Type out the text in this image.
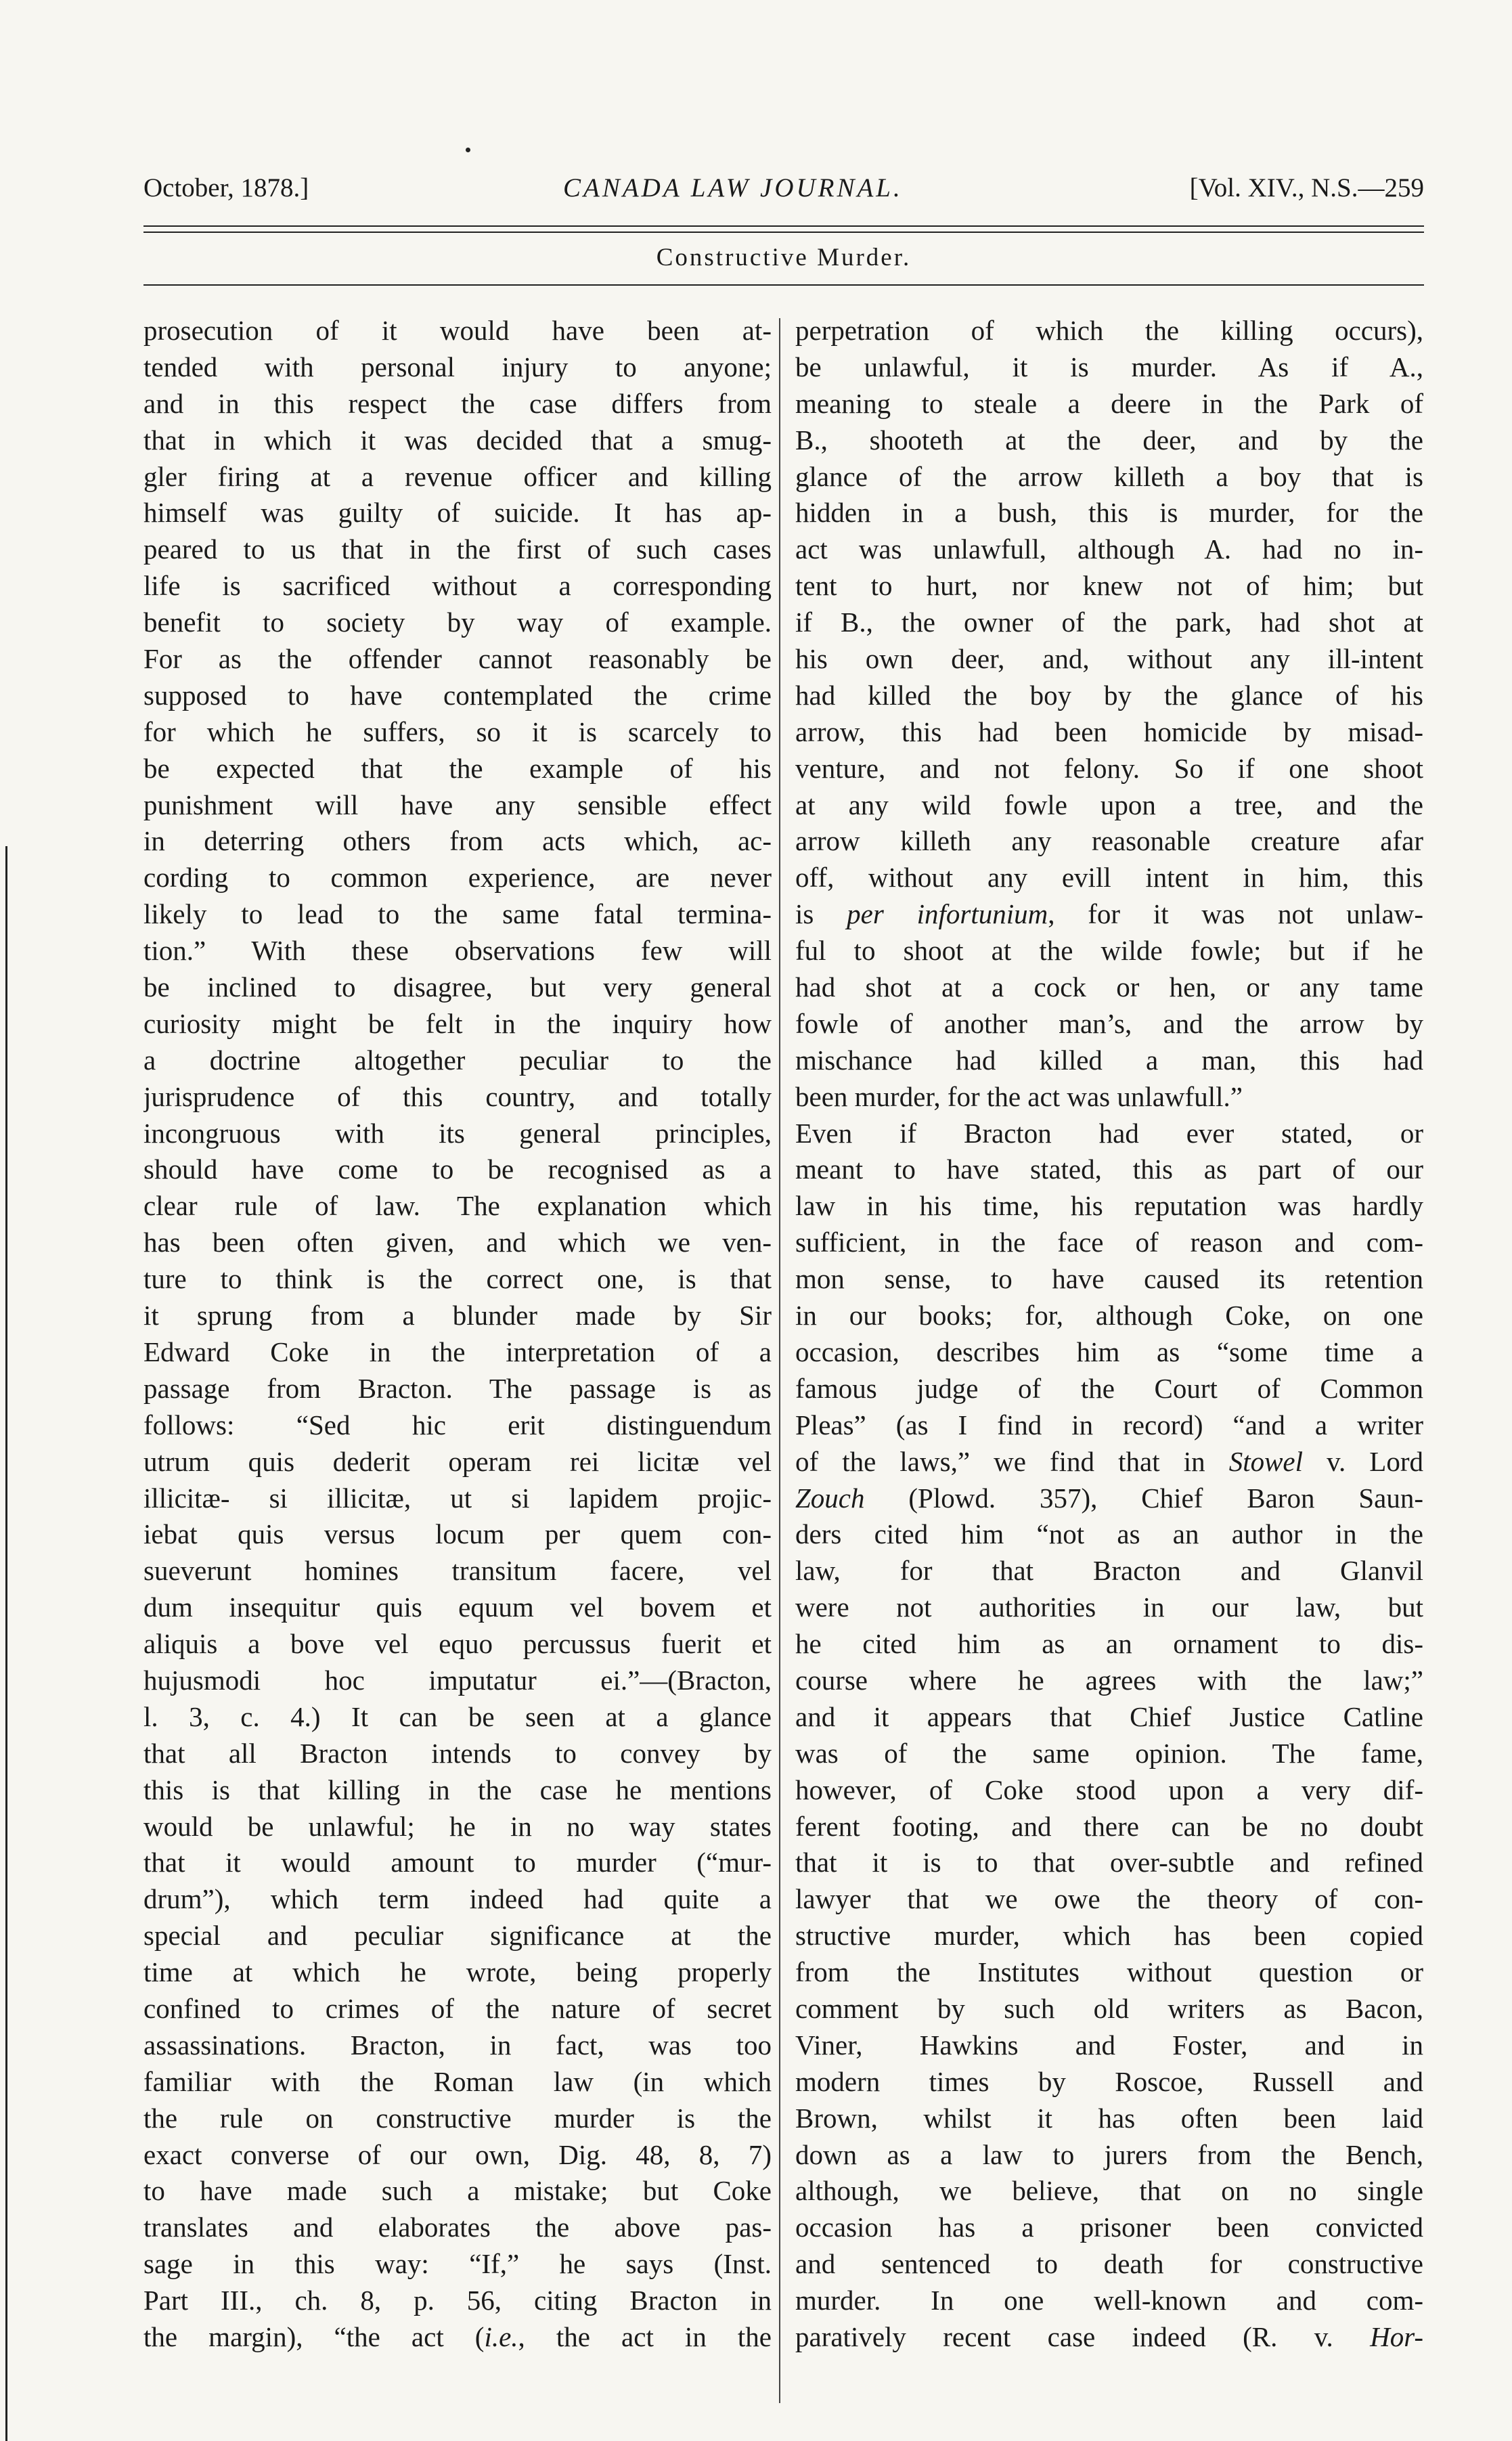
October, 1878.]	CANADA LAW JOURNAL.	[Vol. XIV., N.S.—259
Constructive Murder.
prosecution of it would have been at-
tended with personal injury to anyone;
and in this respect the case differs from
that in which it was decided that a smug-
gler firing at a revenue officer and killing
himself was guilty of suicide. It has ap-
peared to us that in the first of such cases
life is sacrificed without a corresponding
benefit to society by way of example.
For as the offender cannot reasonably be
supposed to have contemplated the crime
for which he suffers, so it is scarcely to
be expected that the example of his
punishment will have any sensible effect
in deterring others from acts which, ac-
cording to common experience, are never
likely to lead to the same fatal termina-
tion.” With these observations few will
be inclined to disagree, but very general
curiosity might be felt in the inquiry how
a doctrine altogether peculiar to the
jurisprudence of this country, and totally
incongruous with its general principles,
should have come to be recognised as a
clear rule of law. The explanation which
has been often given, and which we ven-
ture to think is the correct one, is that
it sprung from a blunder made by Sir
Edward Coke in the interpretation of a
passage from Bracton. The passage is as
follows: “Sed hic erit distinguendum
utrum quis dederit operam rei licitæ vel
illicitæ- si illicitæ, ut si lapidem projic-
iebat quis versus locum per quem con-
sueverunt homines transitum facere, vel
dum insequitur quis equum vel bovem et
aliquis a bove vel equo percussus fuerit et
hujusmodi hoc imputatur ei.”—(Bracton,
l. 3, c. 4.) It can be seen at a glance
that all Bracton intends to convey by
this is that killing in the case he mentions
would be unlawful; he in no way states
that it would amount to murder (“mur-
drum”), which term indeed had quite a
special and peculiar significance at the
time at which he wrote, being properly
confined to crimes of the nature of secret
assassinations. Bracton, in fact, was too
familiar with the Roman law (in which
the rule on constructive murder is the
exact converse of our own, Dig. 48, 8, 7)
to have made such a mistake; but Coke
translates and elaborates the above pas-
sage in this way: “If,” he says (Inst.
Part III., ch. 8, p. 56, citing Bracton in
the margin), “the act (i.e., the act in the
perpetration of which the killing occurs),
be unlawful, it is murder. As if A.,
meaning to steale a deere in the Park of
B., shooteth at the deer, and by the
glance of the arrow killeth a boy that is
hidden in a bush, this is murder, for the
act was unlawfull, although A. had no in-
tent to hurt, nor knew not of him; but
if B., the owner of the park, had shot at
his own deer, and, without any ill-intent
had killed the boy by the glance of his
arrow, this had been homicide by misad-
venture, and not felony. So if one shoot
at any wild fowle upon a tree, and the
arrow killeth any reasonable creature afar
off, without any evill intent in him, this
is per infortunium, for it was not unlaw-
ful to shoot at the wilde fowle; but if he
had shot at a cock or hen, or any tame
fowle of another man’s, and the arrow by
mischance had killed a man, this had
been murder, for the act was unlawfull.”
Even if Bracton had ever stated, or
meant to have stated, this as part of our
law in his time, his reputation was hardly
sufficient, in the face of reason and com-
mon sense, to have caused its retention
in our books; for, although Coke, on one
occasion, describes him as “some time a
famous judge of the Court of Common
Pleas” (as I find in record) “and a writer
of the laws,” we find that in Stowel v. Lord
Zouch (Plowd. 357), Chief Baron Saun-
ders cited him “not as an author in the
law, for that Bracton and Glanvil
were not authorities in our law, but
he cited him as an ornament to dis-
course where he agrees with the law;”
and it appears that Chief Justice Catline
was of the same opinion. The fame,
however, of Coke stood upon a very dif-
ferent footing, and there can be no doubt
that it is to that over-subtle and refined
lawyer that we owe the theory of con-
structive murder, which has been copied
from the Institutes without question or
comment by such old writers as Bacon,
Viner, Hawkins and Foster, and in
modern times by Roscoe, Russell and
Brown, whilst it has often been laid
down as a law to jurers from the Bench,
although, we believe, that on no single
occasion has a prisoner been convicted
and sentenced to death for constructive
murder. In one well-known and com-
paratively recent case indeed (R. v. Hor-
